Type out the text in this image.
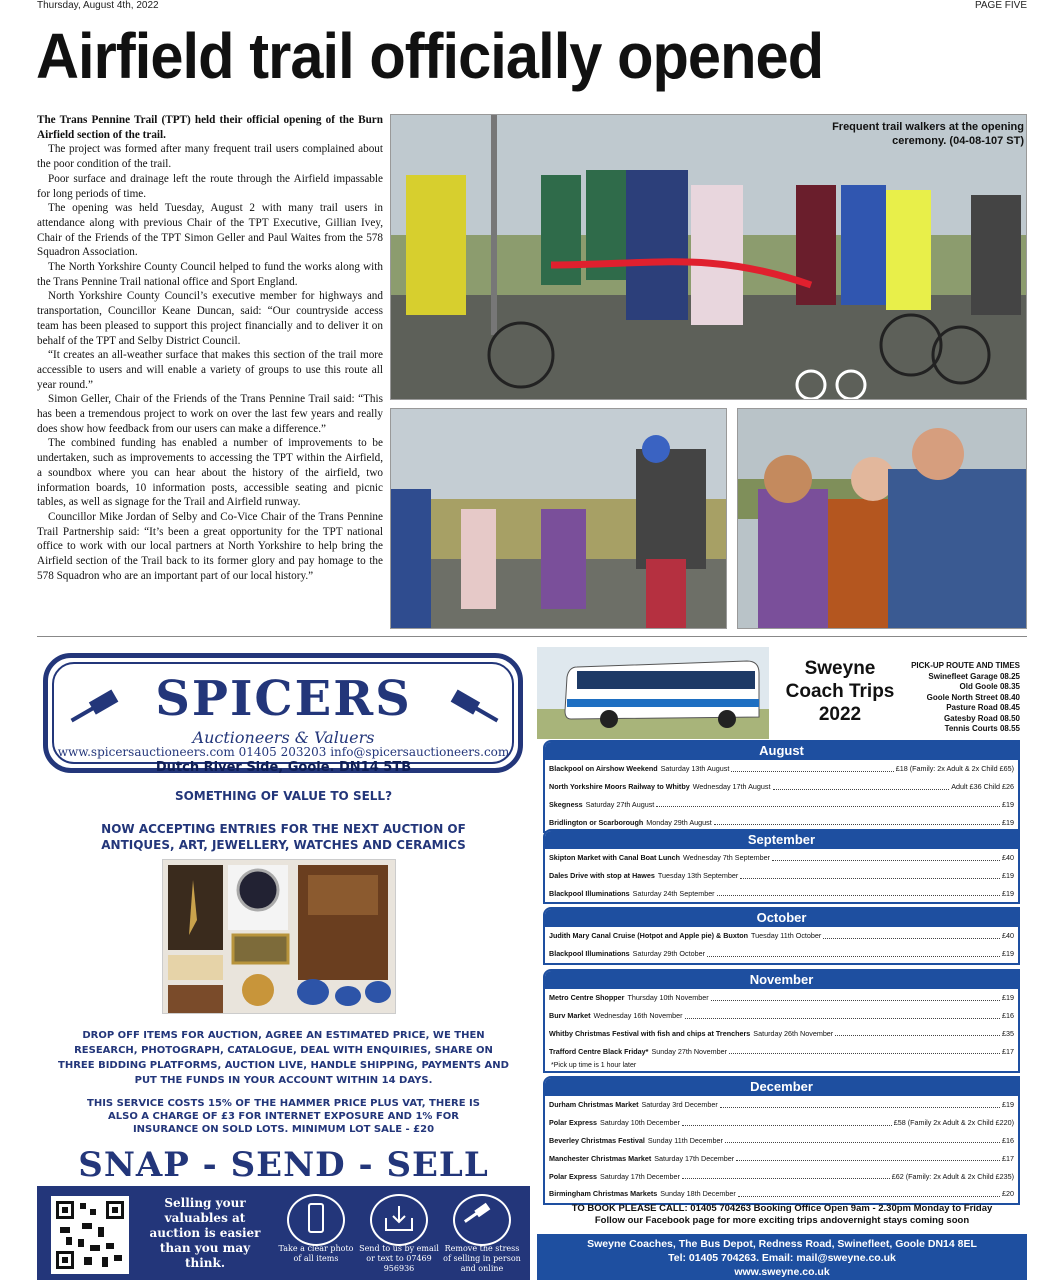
Thursday, August 4th, 2022	PAGE FIVE
Airfield trail officially opened

The Trans Pennine Trail (TPT) held their official opening of the Burn Airfield section of the trail.

The project was formed after many frequent trail users complained about the poor condition of the trail.

Poor surface and drainage left the route through the Airfield impassable for long periods of time.

The opening was held Tuesday, August 2 with many trail users in attendance along with previous Chair of the TPT Executive, Gillian Ivey, Chair of the Friends of the TPT Simon Geller and Paul Waites from the 578 Squadron Association.

The North Yorkshire County Council helped to fund the works along with the Trans Pennine Trail national office and Sport England.

North Yorkshire County Council’s executive member for highways and transportation, Councillor Keane Duncan, said: “Our countryside access team has been pleased to support this project financially and to deliver it on behalf of the TPT and Selby District Council.

“It creates an all-weather surface that makes this section of the trail more accessible to users and will enable a variety of groups to use this route all year round.”

Simon Geller, Chair of the Friends of the Trans Pennine Trail said: “This has been a tremendous project to work on over the last few years and really does show how feedback from our users can make a difference.”

The combined funding has enabled a number of improvements to be undertaken, such as improvements to accessing the TPT within the Airfield, a soundbox where you can hear about the history of the airfield, two information boards, 10 information posts, accessible seating and picnic tables, as well as signage for the Trail and Airfield runway.

Councillor Mike Jordan of Selby and Co-Vice Chair of the Trans Pennine Trail Partnership said: “It’s been a great opportunity for the TPT national office to work with our local partners at North Yorkshire to help bring the Airfield section of the Trail back to its former glory and pay homage to the 578 Squadron who are an important part of our local history.”

Frequent trail walkers at the opening ceremony. (04-08-107 ST)
SPICERS
Auctioneers & Valuers
www.spicersauctioneers.com 01405 203203 info@spicersauctioneers.com
Dutch River Side, Goole. DN14 5TB
SOMETHING OF VALUE TO SELL?
NOW ACCEPTING ENTRIES FOR THE NEXT AUCTION OF ANTIQUES, ART, JEWELLERY, WATCHES AND CERAMICS
DROP OFF ITEMS FOR AUCTION, AGREE AN ESTIMATED PRICE, WE THEN RESEARCH, PHOTOGRAPH, CATALOGUE, DEAL WITH ENQUIRIES, SHARE ON THREE BIDDING PLATFORMS, AUCTION LIVE, HANDLE SHIPPING, PAYMENTS AND PUT THE FUNDS IN YOUR ACCOUNT WITHIN 14 DAYS.
THIS SERVICE COSTS 15% OF THE HAMMER PRICE PLUS VAT, THERE IS ALSO A CHARGE OF £3 FOR INTERNET EXPOSURE AND 1% FOR INSURANCE ON SOLD LOTS. MINIMUM LOT SALE - £20
SNAP - SEND - SELL
Selling your valuables at auction is easier than you may think.
Take a clear photo of all items
Send to us by email or text to 07469 956936
Remove the stress of selling in person and online
Sweyne Coach Trips 2022
PICK-UP ROUTE AND TIMES
Swinefleet Garage 08.25
Old Goole 08.35
Goole North Street 08.40
Pasture Road 08.45
Gatesby Road 08.50
Tennis Courts 08.55
August
Blackpool on Airshow Weekend Saturday 13th August	£18 (Family: 2x Adult & 2x Child £65)
North Yorkshire Moors Railway to Whitby Wednesday 17th August	Adult £36 Child £26
Skegness Saturday 27th August	£19
Bridlington or Scarborough Monday 29th August	£19
September
Skipton Market with Canal Boat Lunch Wednesday 7th September	£40
Dales Drive with stop at Hawes Tuesday 13th September	£19
Blackpool Illuminations Saturday 24th September	£19
October
Judith Mary Canal Cruise (Hotpot and Apple pie) & Buxton Tuesday 11th October	£40
Blackpool Illuminations Saturday 29th October	£19
November
Metro Centre Shopper Thursday 10th November	£19
Burv Market Wednesday 16th November	£16
Whitby Christmas Festival with fish and chips at Trenchers Saturday 26th November	£35
Trafford Centre Black Friday* Sunday 27th November	£17
*Pick up time is 1 hour later
December
Durham Christmas Market Saturday 3rd December	£19
Polar Express Saturday 10th December	£58 (Family 2x Adult & 2x Child £220)
Beverley Christmas Festival Sunday 11th December	£16
Manchester Christmas Market Saturday 17th December	£17
Polar Express Saturday 17th December	£62 (Family: 2x Adult & 2x Child £235)
Birmingham Christmas Markets Sunday 18th December	£20
TO BOOK PLEASE CALL: 01405 704263 Booking Office Open 9am - 2.30pm Monday to Friday
Follow our Facebook page for more exciting trips andovernight stays coming soon
Sweyne Coaches, The Bus Depot, Redness Road, Swinefleet, Goole DN14 8EL
Tel: 01405 704263. Email: mail@sweyne.co.uk
www.sweyne.co.uk
